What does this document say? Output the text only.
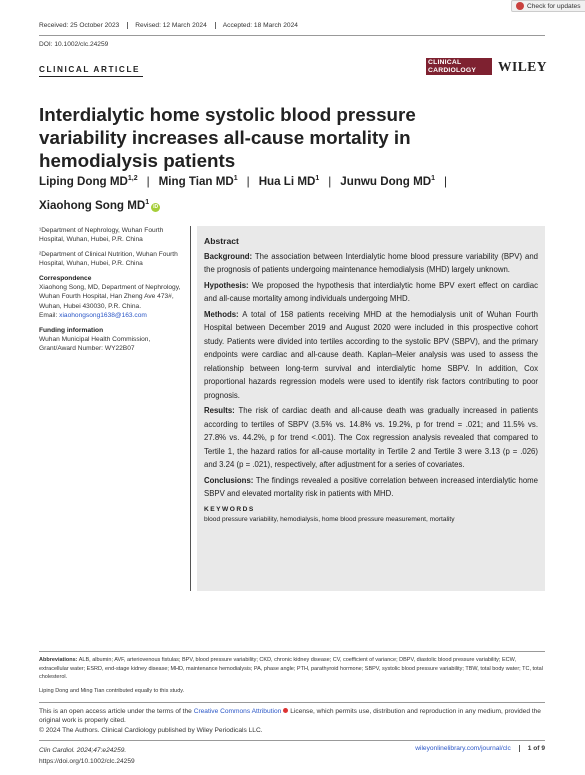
Received: 25 October 2023	Revised: 12 March 2024	Accepted: 18 March 2024
Check for updates
DOI: 10.1002/clc.24259
CLINICAL ARTICLE
CLINICAL CARDIOLOGY	WILEY
Interdialytic home systolic blood pressure variability increases all-cause mortality in hemodialysis patients
Liping Dong MD$^{1,2}$ | Ming Tian $MD^1$ | Hua Li $MD^1$ | Junwu Dong $MD^1$ |
Xiaohong Song $MD^1iD$
¹Department of Nephrology, Wuhan Fourth Hospital, Wuhan, Hubei, P.R. China
²Department of Clinical Nutrition, Wuhan Fourth Hospital, Wuhan, Hubei, P.R. China
Correspondence
Xiaohong Song, MD, Department of Nephrology, Wuhan Fourth Hospital, Han Zheng Ave 473#, Wuhan, Hubei 430030, P.R. China.
Email: xiaohongsong1638@163.com
Funding information
Wuhan Municipal Health Commission, Grant/Award Number: WY22B07
Abstract

Background: The association between Interdialytic home blood pressure variability (BPV) and the prognosis of patients undergoing maintenance hemodialysis (MHD) largely unknown.

Hypothesis: We proposed the hypothesis that interdialytic home BPV exert effect on cardiac and all-cause mortality among individuals undergoing MHD.

Methods: A total of 158 patients receiving MHD at the hemodialysis unit of Wuhan Fourth Hospital between December 2019 and August 2020 were included in this prospective cohort study. Patients were divided into tertiles according to the systolic BPV (SBPV), and the primary endpoints were cardiac and all-cause death. Kaplan–Meier analysis was used to assess the relationship between long-term survival and interdialytic home SBPV. In addition, Cox proportional hazards regression models were used to identify risk factors contributing to poor prognosis.

Results: The risk of cardiac death and all-cause death was gradually increased in patients according to tertiles of SBPV (3.5% vs. 14.8% vs. 19.2%, p for trend = .021; and 11.5% vs. 27.8% vs. 44.2%, p for trend <.001). The Cox regression analysis revealed that compared to Tertile 1, the hazard ratios for all-cause mortality in Tertile 2 and Tertile 3 were 3.13 (p = .026) and 3.24 (p = .021), respectively, after adjustment for a series of covariates.

Conclusions: The findings revealed a positive correlation between increased interdialytic home SBPV and elevated mortality risk in patients with MHD.

KEYWORDS
blood pressure variability, hemodialysis, home blood pressure measurement, mortality
Abbreviations: ALB, albumin; AVF, arteriovenous fistulas; BPV, blood pressure variability; CKD, chronic kidney disease; CV, coefficient of variance; DBPV, diastolic blood pressure variability; ECW, extracellular water; ESRD, end-stage kidney disease; MHD, maintenance hemodialysis; PA, phase angle; PTH, parathyroid hormone; SBPV, systolic blood pressure variability; TBW, total body water; TC, total cholesterol.
Liping Dong and Ming Tian contributed equally to this study.
This is an open access article under the terms of the Creative Commons Attribution License, which permits use, distribution and reproduction in any medium, provided the original work is properly cited.
© 2024 The Authors. Clinical Cardiology published by Wiley Periodicals LLC.
Clin Cardiol. 2024;47:e24259.
https://doi.org/10.1002/clc.24259
wileyonlinelibrary.com/journal/clc	1 of 9
